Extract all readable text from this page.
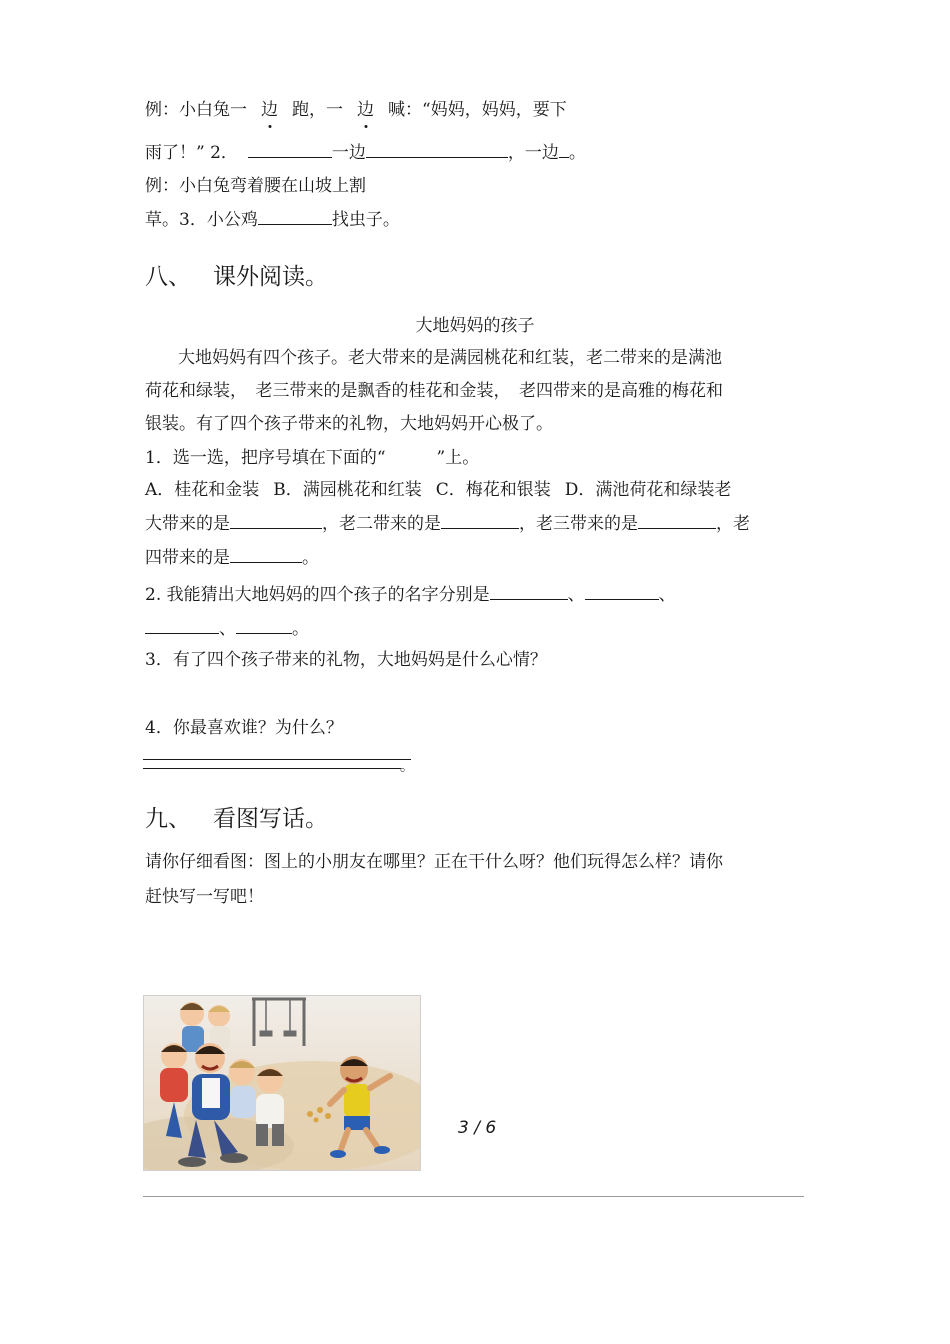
例：小白兔一 边 跑，一 边 喊：“妈妈，妈妈，要下
雨了！” 2．	一边	，一边 。
例：小白兔弯着腰在山坡上割
草。3．小公鸡	找虫子。
八、 课外阅读。
大地妈妈的孩子
大地妈妈有四个孩子。老大带来的是满园桃花和红装，老二带来的是满池
荷花和绿装，　老三带来的是飘香的桂花和金装，　老四带来的是高雅的梅花和
银装。有了四个孩子带来的礼物，大地妈妈开心极了。
1．选一选，把序号填在下面的“　　　”上。
A．桂花和金装 B．满园桃花和红装 C．梅花和银装 D．满池荷花和绿装老
大带来的是	，老二带来的是	，老三带来的是	，老
四带来的是	。
2. 我能猜出大地妈妈的四个孩子的名字分别是	、	、
、	。
3．有了四个孩子带来的礼物，大地妈妈是什么心情？
4．你最喜欢谁？为什么？
。
九、 看图写话。
请你仔细看图：图上的小朋友在哪里？正在干什么呀？他们玩得怎么样？请你
赶快写一写吧！
3 / 6
